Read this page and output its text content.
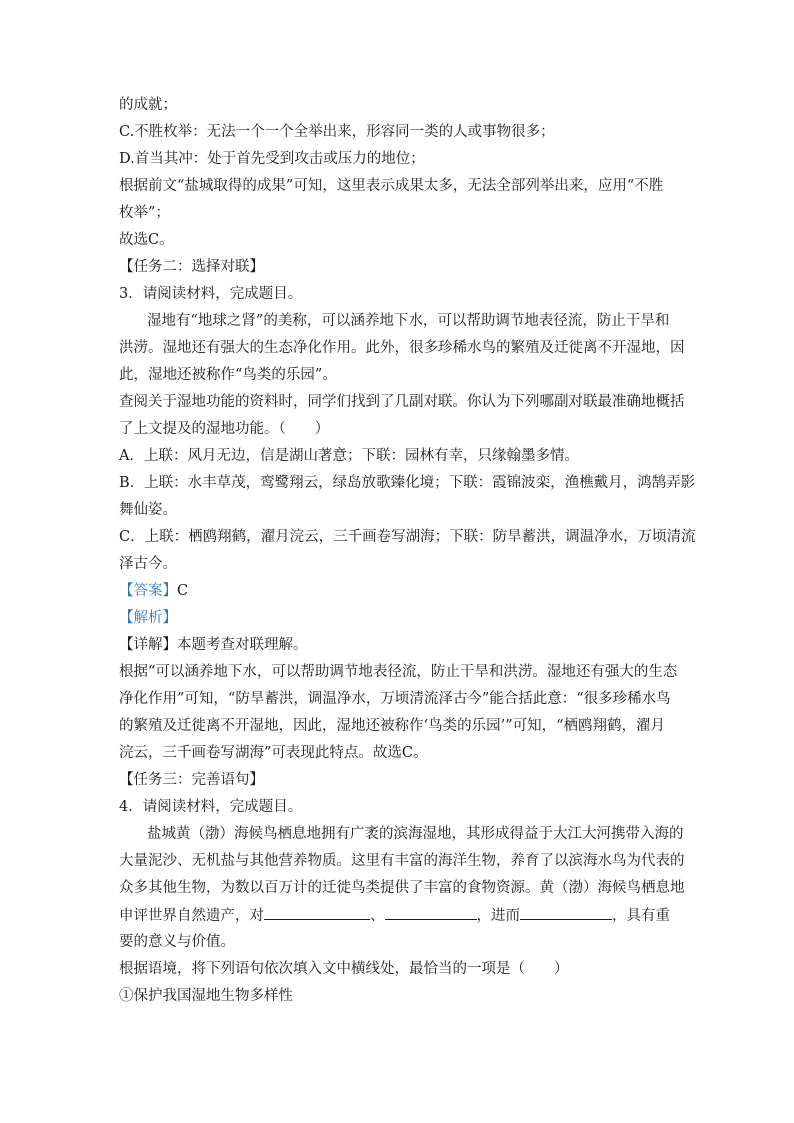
的成就；
C.不胜枚举：无法一个一个全举出来，形容同一类的人或事物很多；
D.首当其冲：处于首先受到攻击或压力的地位；
根据前文“盐城取得的成果”可知，这里表示成果太多，无法全部列举出来，应用“不胜
枚举”；
故选C。
【任务二：选择对联】
3．请阅读材料，完成题目。
湿地有“地球之肾”的美称，可以涵养地下水，可以帮助调节地表径流，防止干旱和
洪涝。湿地还有强大的生态净化作用。此外，很多珍稀水鸟的繁殖及迁徙离不开湿地，因
此，湿地还被称作“鸟类的乐园”。
查阅关于湿地功能的资料时，同学们找到了几副对联。你认为下列哪副对联最准确地概括
了上文提及的湿地功能。（　　）
A．上联：风月无边，信是湖山著意；下联：园林有幸，只缘翰墨多情。
B．上联：水丰草茂，鸾鹭翔云，绿岛放歌臻化境；下联：霞锦波栾，渔樵戴月，鸿鹄弄影
舞仙姿。
C．上联：栖鸥翔鹤，濯月浣云，三千画卷写湖海；下联：防旱蓄洪，调温净水，万顷清流
泽古今。
【答案】C
【解析】
【详解】本题考查对联理解。
根据“可以涵养地下水，可以帮助调节地表径流，防止干旱和洪涝。湿地还有强大的生态
净化作用”可知，“防旱蓄洪，调温净水，万顷清流泽古今”能合括此意：“很多珍稀水鸟
的繁殖及迁徙离不开湿地，因此，湿地还被称作‘鸟类的乐园’”可知，“栖鸥翔鹤，濯月
浣云，三千画卷写湖海”可表现此特点。故选C。
【任务三：完善语句】
4．请阅读材料，完成题目。
盐城黄（渤）海候鸟栖息地拥有广袤的滨海湿地，其形成得益于大江大河携带入海的
大量泥沙、无机盐与其他营养物质。这里有丰富的海洋生物，养育了以滨海水鸟为代表的
众多其他生物，为数以百万计的迁徙鸟类提供了丰富的食物资源。黄（渤）海候鸟栖息地
申评世界自然遗产，对	、	，进而	，具有重
要的意义与价值。
根据语境，将下列语句依次填入文中横线处，最恰当的一项是（　　）
①保护我国湿地生物多样性
